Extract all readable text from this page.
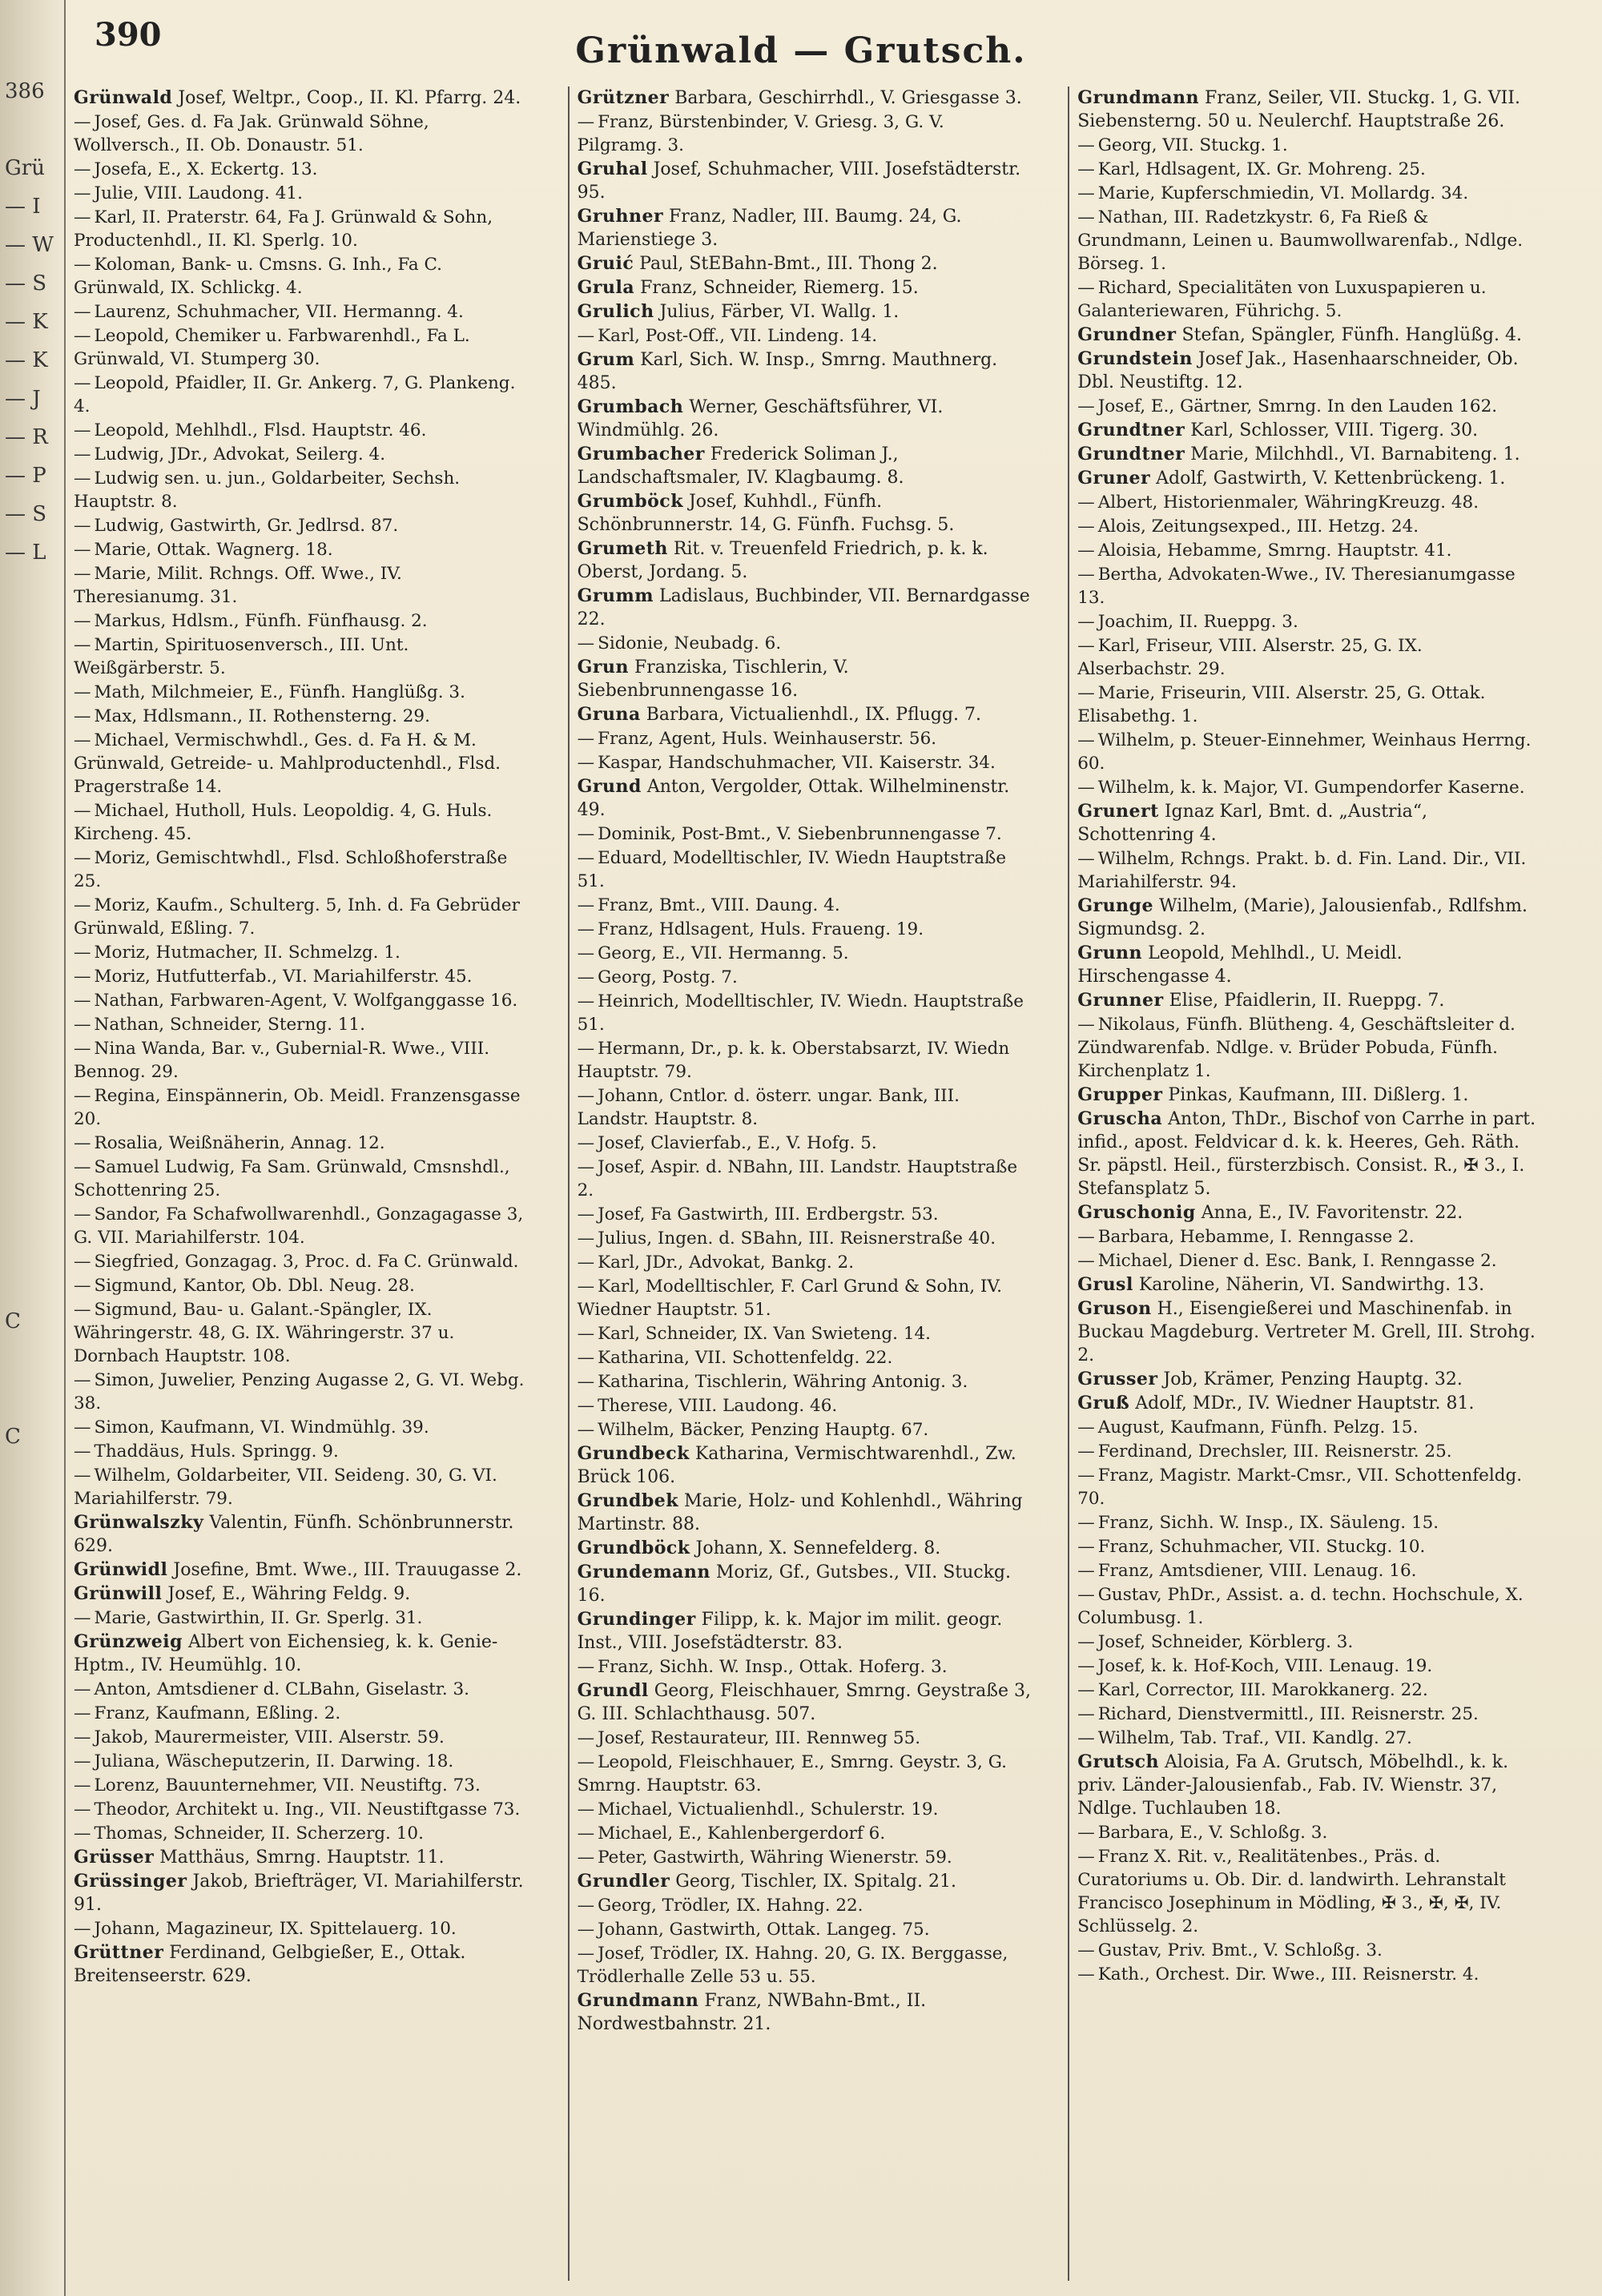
386

Grü
— I
— W
— S
— K
— K
— J
— R
— P
— S
— L

C

C
390	Grünwald — Grutsch.
Grünwald Josef, Weltpr., Coop., II. Kl. Pfarrg. 24.
— Josef, Ges. d. Fa Jak. Grünwald Söhne, Wollversch., II. Ob. Donaustr. 51.
— Josefa, E., X. Eckertg. 13.
— Julie, VIII. Laudong. 41.
— Karl, II. Praterstr. 64, Fa J. Grünwald & Sohn, Productenhdl., II. Kl. Sperlg. 10.
— Koloman, Bank- u. Cmsns. G. Inh., Fa C. Grünwald, IX. Schlickg. 4.
— Laurenz, Schuhmacher, VII. Hermanng. 4.
— Leopold, Chemiker u. Farbwarenhdl., Fa L. Grünwald, VI. Stumperg 30.
— Leopold, Pfaidler, II. Gr. Ankerg. 7, G. Plankeng. 4.
— Leopold, Mehlhdl., Flsd. Hauptstr. 46.
— Ludwig, JDr., Advokat, Seilerg. 4.
— Ludwig sen. u. jun., Goldarbeiter, Sechsh. Hauptstr. 8.
— Ludwig, Gastwirth, Gr. Jedlrsd. 87.
— Marie, Ottak. Wagnerg. 18.
— Marie, Milit. Rchngs. Off. Wwe., IV. Theresianumg. 31.
— Markus, Hdlsm., Fünfh. Fünfhausg. 2.
— Martin, Spirituosenversch., III. Unt. Weißgärberstr. 5.
— Math, Milchmeier, E., Fünfh. Hanglüßg. 3.
— Max, Hdlsmann., II. Rothensterng. 29.
— Michael, Vermischwhdl., Ges. d. Fa H. & M. Grünwald, Getreide- u. Mahlproductenhdl., Flsd. Pragerstraße 14.
— Michael, Hutholl, Huls. Leopoldig. 4, G. Huls. Kircheng. 45.
— Moriz, Gemischtwhdl., Flsd. Schloßhoferstraße 25.
— Moriz, Kaufm., Schulterg. 5, Inh. d. Fa Gebrüder Grünwald, Eßling. 7.
— Moriz, Hutmacher, II. Schmelzg. 1.
— Moriz, Hutfutterfab., VI. Mariahilferstr. 45.
— Nathan, Farbwaren-Agent, V. Wolfganggasse 16.
— Nathan, Schneider, Sterng. 11.
— Nina Wanda, Bar. v., Gubernial-R. Wwe., VIII. Bennog. 29.
— Regina, Einspännerin, Ob. Meidl. Franzensgasse 20.
— Rosalia, Weißnäherin, Annag. 12.
— Samuel Ludwig, Fa Sam. Grünwald, Cmsnshdl., Schottenring 25.
— Sandor, Fa Schafwollwarenhdl., Gonzagagasse 3, G. VII. Mariahilferstr. 104.
— Siegfried, Gonzagag. 3, Proc. d. Fa C. Grünwald.
— Sigmund, Kantor, Ob. Dbl. Neug. 28.
— Sigmund, Bau- u. Galant.-Spängler, IX. Währingerstr. 48, G. IX. Währingerstr. 37 u. Dornbach Hauptstr. 108.
— Simon, Juwelier, Penzing Augasse 2, G. VI. Webg. 38.
— Simon, Kaufmann, VI. Windmühlg. 39.
— Thaddäus, Huls. Springg. 9.
— Wilhelm, Goldarbeiter, VII. Seideng. 30, G. VI. Mariahilferstr. 79.
Grünwalszky Valentin, Fünfh. Schönbrunnerstr. 629.
Grünwidl Josefine, Bmt. Wwe., III. Trauugasse 2.
Grünwill Josef, E., Währing Feldg. 9.
— Marie, Gastwirthin, II. Gr. Sperlg. 31.
Grünzweig Albert von Eichensieg, k. k. Genie-Hptm., IV. Heumühlg. 10.
— Anton, Amtsdiener d. CLBahn, Giselastr. 3.
— Franz, Kaufmann, Eßling. 2.
— Jakob, Maurermeister, VIII. Alserstr. 59.
— Juliana, Wäscheputzerin, II. Darwing. 18.
— Lorenz, Bauunternehmer, VII. Neustiftg. 73.
— Theodor, Architekt u. Ing., VII. Neustiftgasse 73.
— Thomas, Schneider, II. Scherzerg. 10.
Grüsser Matthäus, Smrng. Hauptstr. 11.
Grüssinger Jakob, Briefträger, VI. Mariahilferstr. 91.
— Johann, Magazineur, IX. Spittelauerg. 10.
Grüttner Ferdinand, Gelbgießer, E., Ottak. Breitenseerstr. 629.
Grützner Barbara, Geschirrhdl., V. Griesgasse 3.
— Franz, Bürstenbinder, V. Griesg. 3, G. V. Pilgramg. 3.
Gruhal Josef, Schuhmacher, VIII. Josefstädterstr. 95.
Gruhner Franz, Nadler, III. Baumg. 24, G. Marienstiege 3.
Gruić Paul, StEBahn-Bmt., III. Thong 2.
Grula Franz, Schneider, Riemerg. 15.
Grulich Julius, Färber, VI. Wallg. 1.
— Karl, Post-Off., VII. Lindeng. 14.
Grum Karl, Sich. W. Insp., Smrng. Mauthnerg. 485.
Grumbach Werner, Geschäftsführer, VI. Windmühlg. 26.
Grumbacher Frederick Soliman J., Landschaftsmaler, IV. Klagbaumg. 8.
Grumböck Josef, Kuhhdl., Fünfh. Schönbrunnerstr. 14, G. Fünfh. Fuchsg. 5.
Grumeth Rit. v. Treuenfeld Friedrich, p. k. k. Oberst, Jordang. 5.
Grumm Ladislaus, Buchbinder, VII. Bernardgasse 22.
— Sidonie, Neubadg. 6.
Grun Franziska, Tischlerin, V. Siebenbrunnengasse 16.
Gruna Barbara, Victualienhdl., IX. Pflugg. 7.
— Franz, Agent, Huls. Weinhauserstr. 56.
— Kaspar, Handschuhmacher, VII. Kaiserstr. 34.
Grund Anton, Vergolder, Ottak. Wilhelminenstr. 49.
— Dominik, Post-Bmt., V. Siebenbrunnengasse 7.
— Eduard, Modelltischler, IV. Wiedn Hauptstraße 51.
— Franz, Bmt., VIII. Daung. 4.
— Franz, Hdlsagent, Huls. Fraueng. 19.
— Georg, E., VII. Hermanng. 5.
— Georg, Postg. 7.
— Heinrich, Modelltischler, IV. Wiedn. Hauptstraße 51.
— Hermann, Dr., p. k. k. Oberstabsarzt, IV. Wiedn Hauptstr. 79.
— Johann, Cntlor. d. österr. ungar. Bank, III. Landstr. Hauptstr. 8.
— Josef, Clavierfab., E., V. Hofg. 5.
— Josef, Aspir. d. NBahn, III. Landstr. Hauptstraße 2.
— Josef, Fa Gastwirth, III. Erdbergstr. 53.
— Julius, Ingen. d. SBahn, III. Reisnerstraße 40.
— Karl, JDr., Advokat, Bankg. 2.
— Karl, Modelltischler, F. Carl Grund & Sohn, IV. Wiedner Hauptstr. 51.
— Karl, Schneider, IX. Van Swieteng. 14.
— Katharina, VII. Schottenfeldg. 22.
— Katharina, Tischlerin, Währing Antonig. 3.
— Therese, VIII. Laudong. 46.
— Wilhelm, Bäcker, Penzing Hauptg. 67.
Grundbeck Katharina, Vermischtwarenhdl., Zw. Brück 106.
Grundbek Marie, Holz- und Kohlenhdl., Währing Martinstr. 88.
Grundböck Johann, X. Sennefelderg. 8.
Grundemann Moriz, Gf., Gutsbes., VII. Stuckg. 16.
Grundinger Filipp, k. k. Major im milit. geogr. Inst., VIII. Josefstädterstr. 83.
— Franz, Sichh. W. Insp., Ottak. Hoferg. 3.
Grundl Georg, Fleischhauer, Smrng. Geystraße 3, G. III. Schlachthausg. 507.
— Josef, Restaurateur, III. Rennweg 55.
— Leopold, Fleischhauer, E., Smrng. Geystr. 3, G. Smrng. Hauptstr. 63.
— Michael, Victualienhdl., Schulerstr. 19.
— Michael, E., Kahlenbergerdorf 6.
— Peter, Gastwirth, Währing Wienerstr. 59.
Grundler Georg, Tischler, IX. Spitalg. 21.
— Georg, Trödler, IX. Hahng. 22.
— Johann, Gastwirth, Ottak. Langeg. 75.
— Josef, Trödler, IX. Hahng. 20, G. IX. Berggasse, Trödlerhalle Zelle 53 u. 55.
Grundmann Franz, NWBahn-Bmt., II. Nordwestbahnstr. 21.
Grundmann Franz, Seiler, VII. Stuckg. 1, G. VII. Siebensterng. 50 u. Neulerchf. Hauptstraße 26.
— Georg, VII. Stuckg. 1.
— Karl, Hdlsagent, IX. Gr. Mohreng. 25.
— Marie, Kupferschmiedin, VI. Mollardg. 34.
— Nathan, III. Radetzkystr. 6, Fa Rieß & Grundmann, Leinen u. Baumwollwarenfab., Ndlge. Börseg. 1.
— Richard, Specialitäten von Luxuspapieren u. Galanteriewaren, Führichg. 5.
Grundner Stefan, Spängler, Fünfh. Hanglüßg. 4.
Grundstein Josef Jak., Hasenhaarschneider, Ob. Dbl. Neustiftg. 12.
— Josef, E., Gärtner, Smrng. In den Lauden 162.
Grundtner Karl, Schlosser, VIII. Tigerg. 30.
Grundtner Marie, Milchhdl., VI. Barnabiteng. 1.
Gruner Adolf, Gastwirth, V. Kettenbrückeng. 1.
— Albert, Historienmaler, WähringKreuzg. 48.
— Alois, Zeitungsexped., III. Hetzg. 24.
— Aloisia, Hebamme, Smrng. Hauptstr. 41.
— Bertha, Advokaten-Wwe., IV. Theresianumgasse 13.
— Joachim, II. Rueppg. 3.
— Karl, Friseur, VIII. Alserstr. 25, G. IX. Alserbachstr. 29.
— Marie, Friseurin, VIII. Alserstr. 25, G. Ottak. Elisabethg. 1.
— Wilhelm, p. Steuer-Einnehmer, Weinhaus Herrng. 60.
— Wilhelm, k. k. Major, VI. Gumpendorfer Kaserne.
Grunert Ignaz Karl, Bmt. d. „Austria“, Schottenring 4.
— Wilhelm, Rchngs. Prakt. b. d. Fin. Land. Dir., VII. Mariahilferstr. 94.
Grunge Wilhelm, (Marie), Jalousienfab., Rdlfshm. Sigmundsg. 2.
Grunn Leopold, Mehlhdl., U. Meidl. Hirschengasse 4.
Grunner Elise, Pfaidlerin, II. Rueppg. 7.
— Nikolaus, Fünfh. Blütheng. 4, Geschäftsleiter d. Zündwarenfab. Ndlge. v. Brüder Pobuda, Fünfh. Kirchenplatz 1.
Grupper Pinkas, Kaufmann, III. Dißlerg. 1.
Gruscha Anton, ThDr., Bischof von Carrhe in part. infid., apost. Feldvicar d. k. k. Heeres, Geh. Räth. Sr. päpstl. Heil., fürsterzbisch. Consist. R., ✠ 3., I. Stefansplatz 5.
Gruschonig Anna, E., IV. Favoritenstr. 22.
— Barbara, Hebamme, I. Renngasse 2.
— Michael, Diener d. Esc. Bank, I. Renngasse 2.
Grusl Karoline, Näherin, VI. Sandwirthg. 13.
Gruson H., Eisengießerei und Maschinenfab. in Buckau Magdeburg. Vertreter M. Grell, III. Strohg. 2.
Grusser Job, Krämer, Penzing Hauptg. 32.
Gruß Adolf, MDr., IV. Wiedner Hauptstr. 81.
— August, Kaufmann, Fünfh. Pelzg. 15.
— Ferdinand, Drechsler, III. Reisnerstr. 25.
— Franz, Magistr. Markt-Cmsr., VII. Schottenfeldg. 70.
— Franz, Sichh. W. Insp., IX. Säuleng. 15.
— Franz, Schuhmacher, VII. Stuckg. 10.
— Franz, Amtsdiener, VIII. Lenaug. 16.
— Gustav, PhDr., Assist. a. d. techn. Hochschule, X. Columbusg. 1.
— Josef, Schneider, Körblerg. 3.
— Josef, k. k. Hof-Koch, VIII. Lenaug. 19.
— Karl, Corrector, III. Marokkanerg. 22.
— Richard, Dienstvermittl., III. Reisnerstr. 25.
— Wilhelm, Tab. Traf., VII. Kandlg. 27.
Grutsch Aloisia, Fa A. Grutsch, Möbelhdl., k. k. priv. Länder-Jalousienfab., Fab. IV. Wienstr. 37, Ndlge. Tuchlauben 18.
— Barbara, E., V. Schloßg. 3.
— Franz X. Rit. v., Realitätenbes., Präs. d. Curatoriums u. Ob. Dir. d. landwirth. Lehranstalt Francisco Josephinum in Mödling, ✠ 3., ✠, ✠, IV. Schlüsselg. 2.
— Gustav, Priv. Bmt., V. Schloßg. 3.
— Kath., Orchest. Dir. Wwe., III. Reisnerstr. 4.
